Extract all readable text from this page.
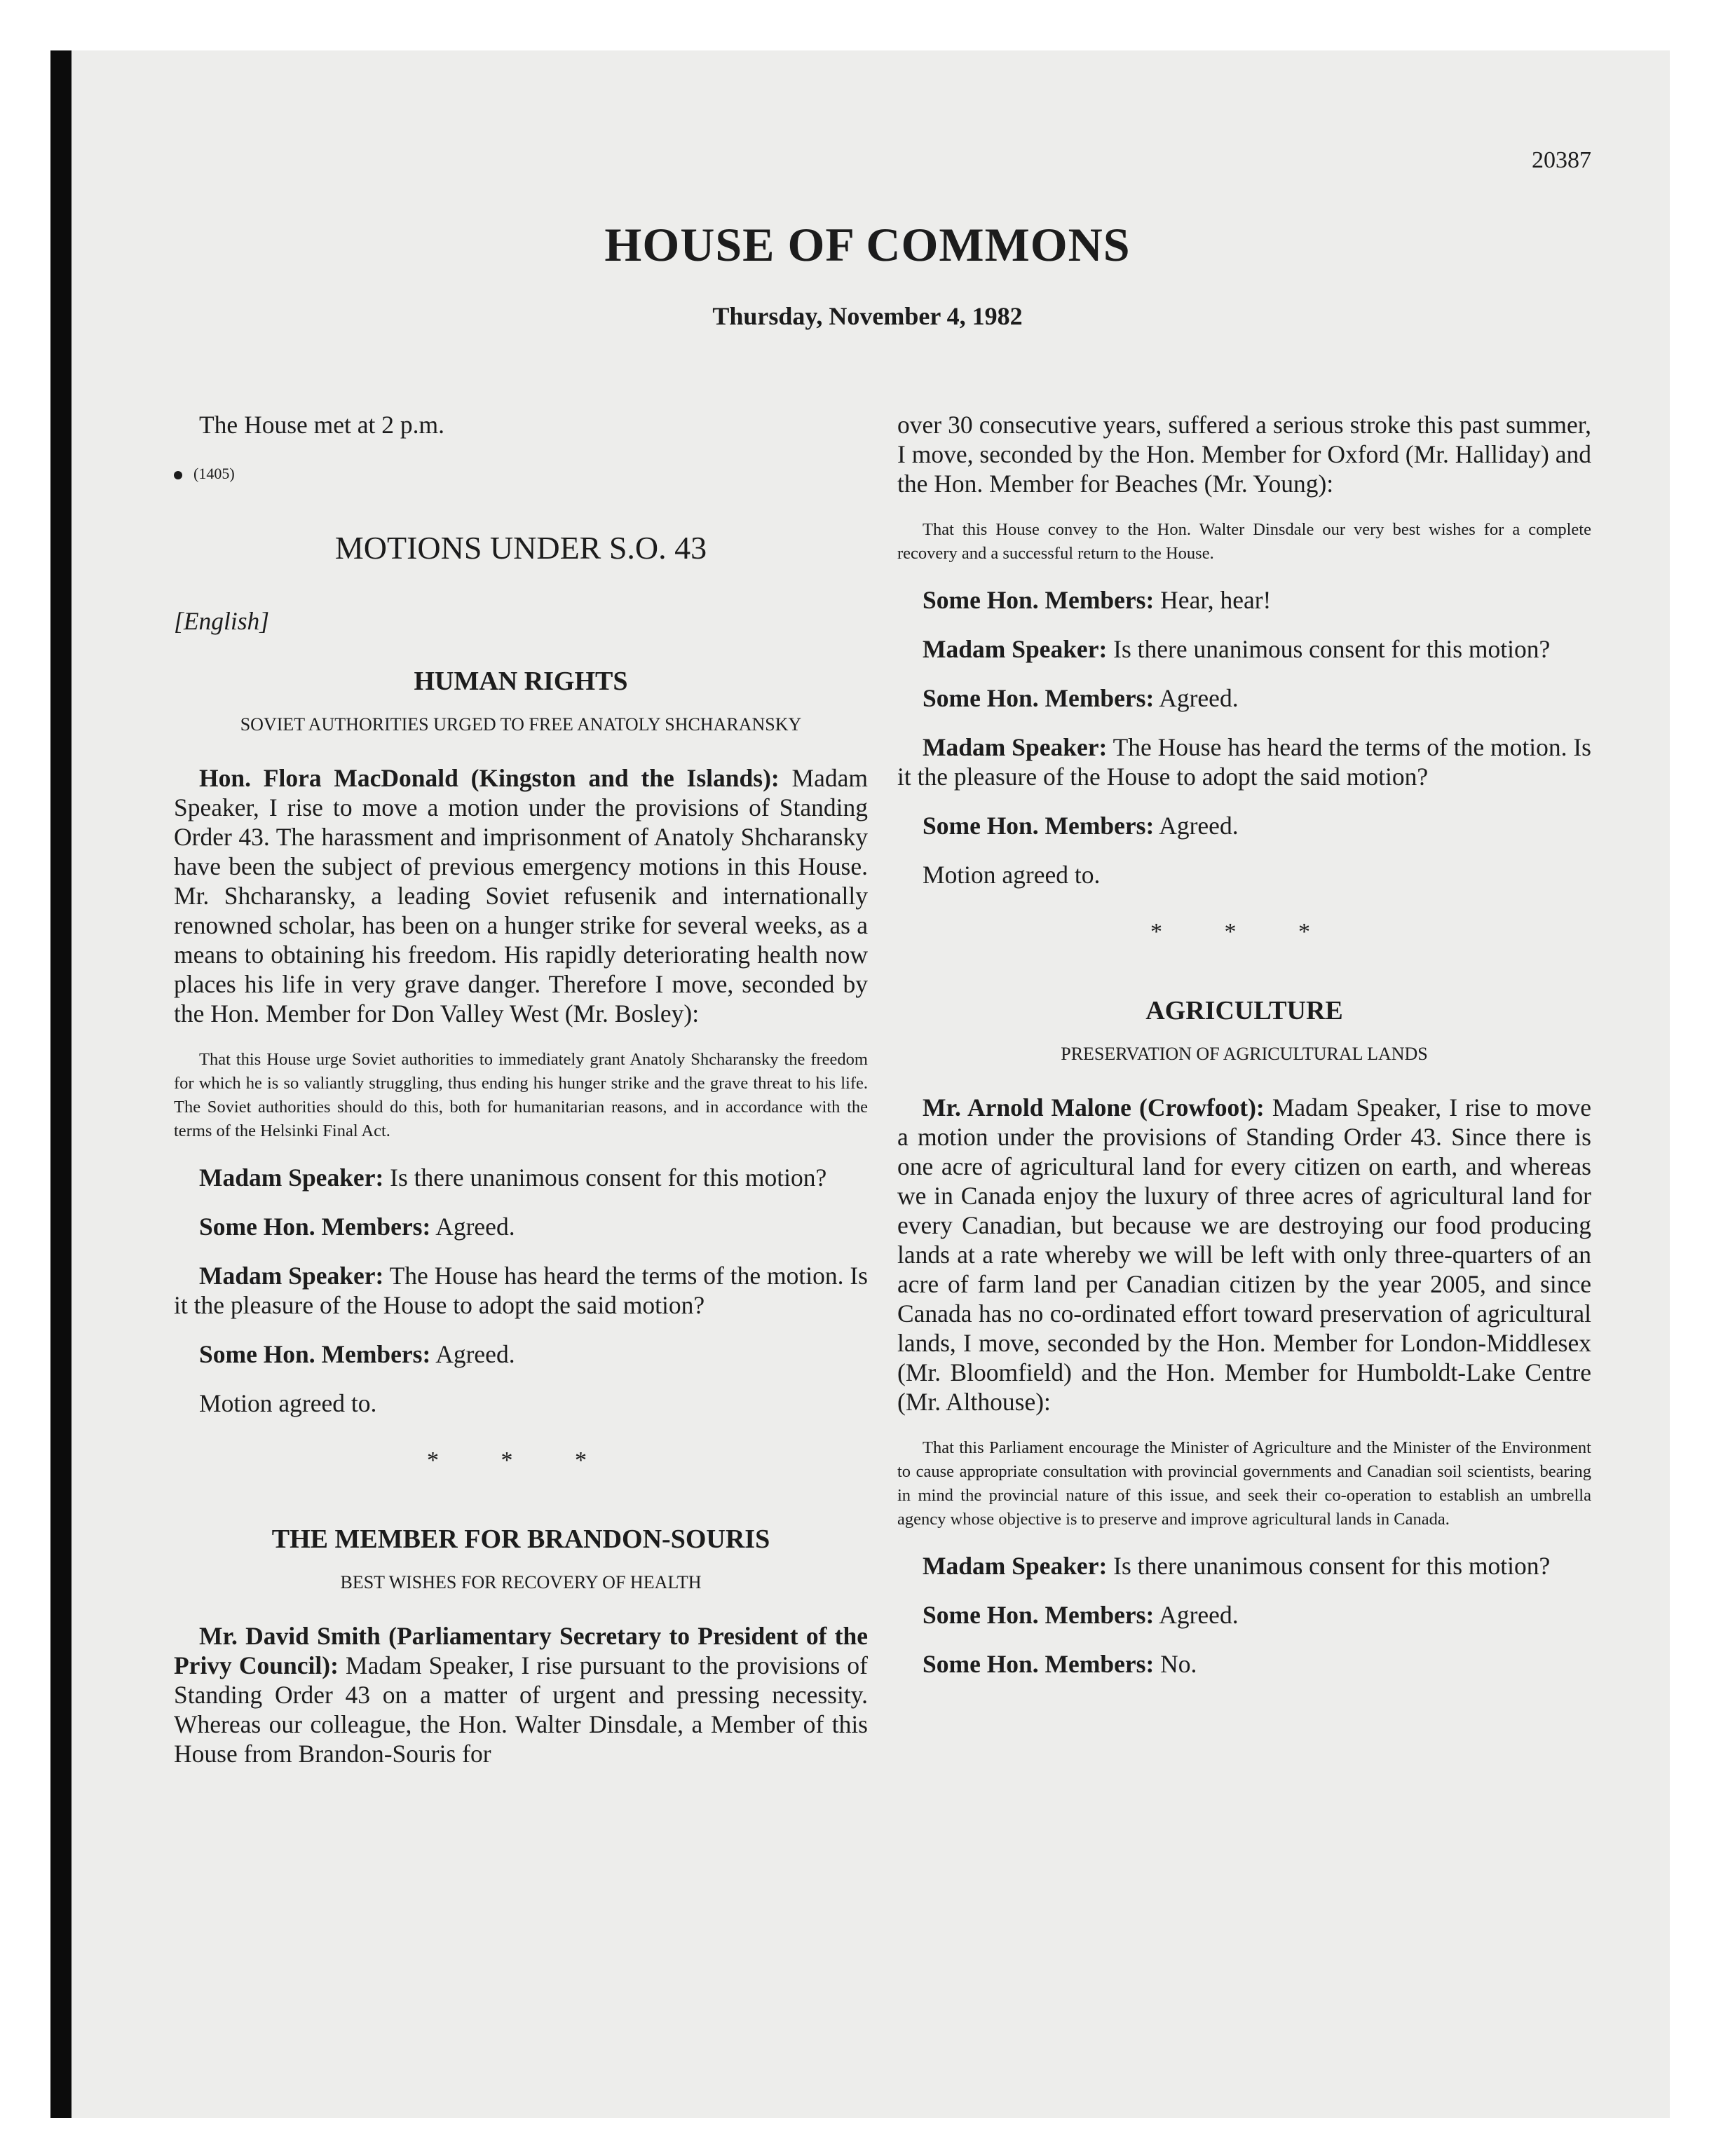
20387
HOUSE OF COMMONS
Thursday, November 4, 1982

The House met at 2 p.m.

(1405)
MOTIONS UNDER S.O. 43

[English]

HUMAN RIGHTS
SOVIET AUTHORITIES URGED TO FREE ANATOLY SHCHARANSKY

Hon. Flora MacDonald (Kingston and the Islands): Madam Speaker, I rise to move a motion under the provisions of Standing Order 43. The harassment and imprisonment of Anatoly Shcharansky have been the subject of previous emergency motions in this House. Mr. Shcharansky, a leading Soviet refusenik and internationally renowned scholar, has been on a hunger strike for several weeks, as a means to obtaining his freedom. His rapidly deteriorating health now places his life in very grave danger. Therefore I move, seconded by the Hon. Member for Don Valley West (Mr. Bosley):

That this House urge Soviet authorities to immediately grant Anatoly Shcharansky the freedom for which he is so valiantly struggling, thus ending his hunger strike and the grave threat to his life. The Soviet authorities should do this, both for humanitarian reasons, and in accordance with the terms of the Helsinki Final Act.

Madam Speaker: Is there unanimous consent for this motion?

Some Hon. Members: Agreed.

Madam Speaker: The House has heard the terms of the motion. Is it the pleasure of the House to adopt the said motion?

Some Hon. Members: Agreed.

Motion agreed to.

* * *
THE MEMBER FOR BRANDON-SOURIS
BEST WISHES FOR RECOVERY OF HEALTH

Mr. David Smith (Parliamentary Secretary to President of the Privy Council): Madam Speaker, I rise pursuant to the provisions of Standing Order 43 on a matter of urgent and pressing necessity. Whereas our colleague, the Hon. Walter Dinsdale, a Member of this House from Brandon-Souris for

over 30 consecutive years, suffered a serious stroke this past summer, I move, seconded by the Hon. Member for Oxford (Mr. Halliday) and the Hon. Member for Beaches (Mr. Young):

That this House convey to the Hon. Walter Dinsdale our very best wishes for a complete recovery and a successful return to the House.

Some Hon. Members: Hear, hear!

Madam Speaker: Is there unanimous consent for this motion?

Some Hon. Members: Agreed.

Madam Speaker: The House has heard the terms of the motion. Is it the pleasure of the House to adopt the said motion?

Some Hon. Members: Agreed.

Motion agreed to.

* * *
AGRICULTURE
PRESERVATION OF AGRICULTURAL LANDS

Mr. Arnold Malone (Crowfoot): Madam Speaker, I rise to move a motion under the provisions of Standing Order 43. Since there is one acre of agricultural land for every citizen on earth, and whereas we in Canada enjoy the luxury of three acres of agricultural land for every Canadian, but because we are destroying our food producing lands at a rate whereby we will be left with only three-quarters of an acre of farm land per Canadian citizen by the year 2005, and since Canada has no co-ordinated effort toward preservation of agricultural lands, I move, seconded by the Hon. Member for London-Middlesex (Mr. Bloomfield) and the Hon. Member for Humboldt-Lake Centre (Mr. Althouse):

That this Parliament encourage the Minister of Agriculture and the Minister of the Environment to cause appropriate consultation with provincial governments and Canadian soil scientists, bearing in mind the provincial nature of this issue, and seek their co-operation to establish an umbrella agency whose objective is to preserve and improve agricultural lands in Canada.

Madam Speaker: Is there unanimous consent for this motion?

Some Hon. Members: Agreed.

Some Hon. Members: No.
